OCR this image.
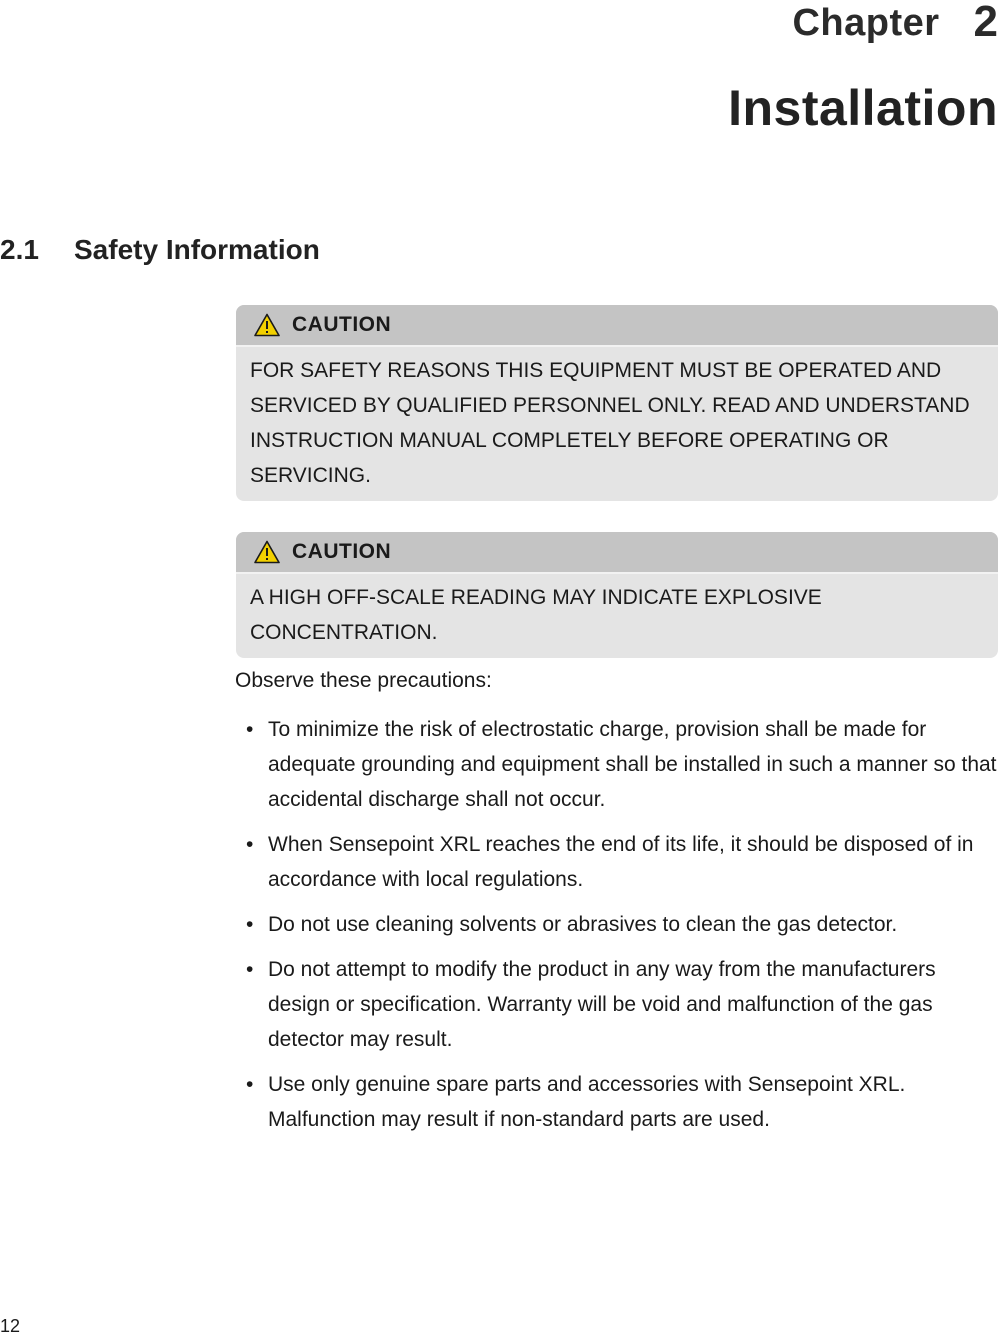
Chapter 2
Installation
2.1 Safety Information
CAUTION
FOR SAFETY REASONS THIS EQUIPMENT MUST BE OPERATED AND SERVICED BY QUALIFIED PERSONNEL ONLY. READ AND UNDERSTAND INSTRUCTION MANUAL COMPLETELY BEFORE OPERATING OR SERVICING.
CAUTION
A HIGH OFF-SCALE READING MAY INDICATE EXPLOSIVE CONCENTRATION.
Observe these precautions:
• To minimize the risk of electrostatic charge, provision shall be made for adequate grounding and equipment shall be installed in such a manner so that accidental discharge shall not occur.
• When Sensepoint XRL reaches the end of its life, it should be disposed of in accordance with local regulations.
• Do not use cleaning solvents or abrasives to clean the gas detector.
• Do not attempt to modify the product in any way from the manufacturers design or specification. Warranty will be void and malfunction of the gas detector may result.
• Use only genuine spare parts and accessories with Sensepoint XRL. Malfunction may result if non-standard parts are used.
12
